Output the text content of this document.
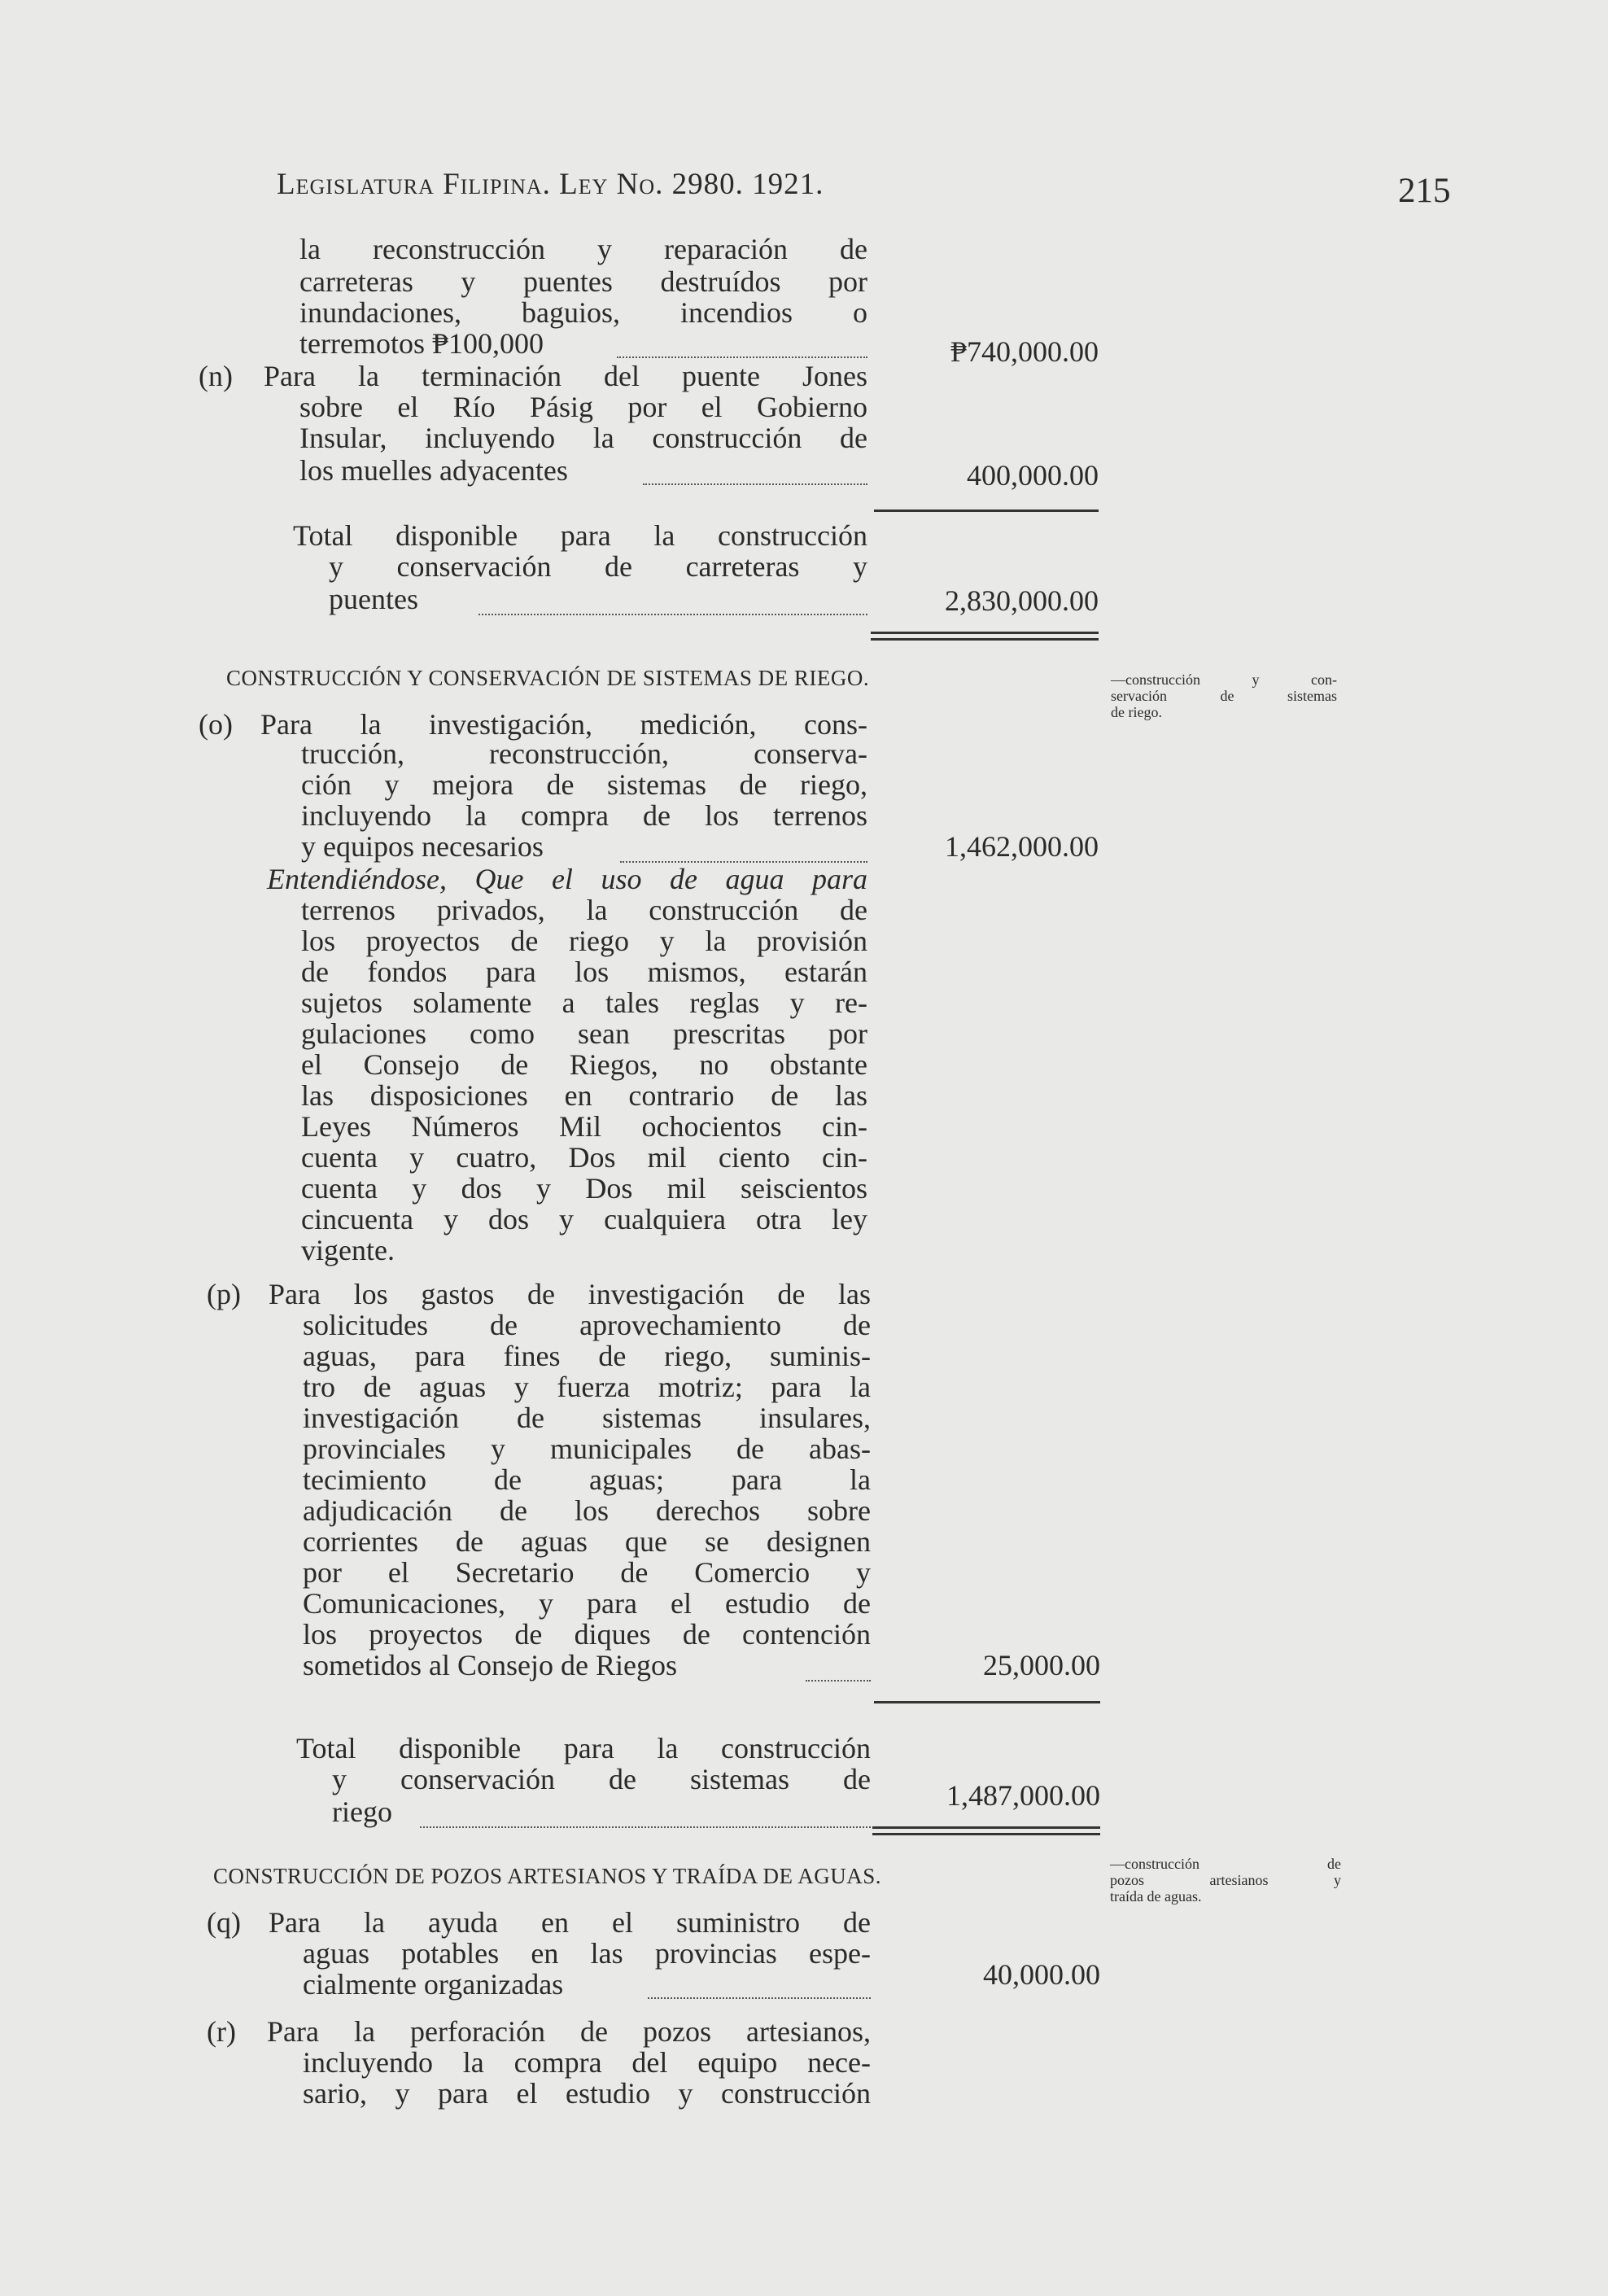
Legislatura Filipina. Ley No. 2980. 1921.	215
la reconstrucción y reparación de
carreteras y puentes destruídos por
inundaciones, baguios, incendios o
terremotos ₱100,000	₱740,000.00
(n) Para la terminación del puente Jones
sobre el Río Pásig por el Gobierno
Insular, incluyendo la construcción de
los muelles adyacentes	400,000.00
Total disponible para la construcción
y conservación de carreteras y
puentes	2,830,000.00
CONSTRUCCIÓN Y CONSERVACIÓN DE SISTEMAS DE RIEGO.	—construcción y con-
servación de sistemas
de riego.
(o) Para la investigación, medición, cons-
trucción, reconstrucción, conserva-
ción y mejora de sistemas de riego,
incluyendo la compra de los terrenos
y equipos necesarios	1,462,000.00
Entendiéndose, Que el uso de agua para
terrenos privados, la construcción de
los proyectos de riego y la provisión
de fondos para los mismos, estarán
sujetos solamente a tales reglas y re-
gulaciones como sean prescritas por
el Consejo de Riegos, no obstante
las disposiciones en contrario de las
Leyes Números Mil ochocientos cin-
cuenta y cuatro, Dos mil ciento cin-
cuenta y dos y Dos mil seiscientos
cincuenta y dos y cualquiera otra ley
vigente.
(p) Para los gastos de investigación de las
solicitudes de aprovechamiento de
aguas, para fines de riego, suminis-
tro de aguas y fuerza motriz; para la
investigación de sistemas insulares,
provinciales y municipales de abas-
tecimiento de aguas; para la
adjudicación de los derechos sobre
corrientes de aguas que se designen
por el Secretario de Comercio y
Comunicaciones, y para el estudio de
los proyectos de diques de contención
sometidos al Consejo de Riegos	25,000.00
Total disponible para la construcción
y conservación de sistemas de
riego	1,487,000.00
CONSTRUCCIÓN DE POZOS ARTESIANOS Y TRAÍDA DE AGUAS.	—construcción de
pozos artesianos y
traída de aguas.
(q) Para la ayuda en el suministro de
aguas potables en las provincias espe-
cialmente organizadas	40,000.00
(r) Para la perforación de pozos artesianos,
incluyendo la compra del equipo nece-
sario, y para el estudio y construcción
